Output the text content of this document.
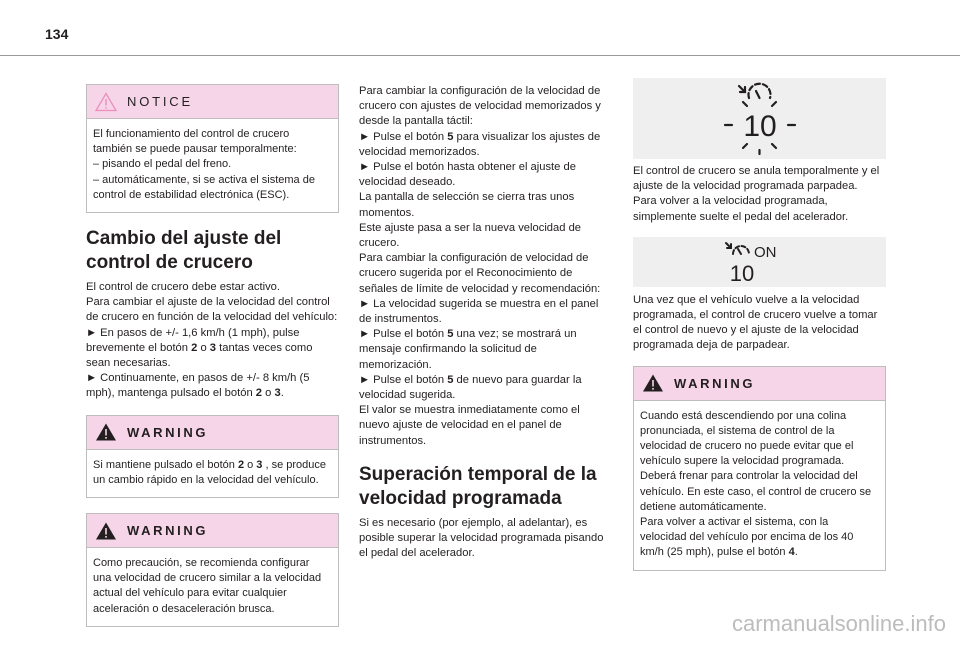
134
NOTICE

El funcionamiento del control de crucero también se puede pausar temporalmente:

– pisando el pedal del freno.

– automáticamente, si se activa el sistema de control de estabilidad electrónica (ESC).

Cambio del ajuste del control de crucero

El control de crucero debe estar activo.

Para cambiar el ajuste de la velocidad del control de crucero en función de la velocidad del vehículo:

► En pasos de +/- 1,6 km/h (1 mph), pulse brevemente el botón 2 o 3 tantas veces como sean necesarias.

► Continuamente, en pasos de +/- 8 km/h (5 mph), mantenga pulsado el botón 2 o 3.

WARNING

Si mantiene pulsado el botón 2 o 3 , se produce un cambio rápido en la velocidad del vehículo.

WARNING

Como precaución, se recomienda configurar una velocidad de crucero similar a la velocidad actual del vehículo para evitar cualquier aceleración o desaceleración brusca.

Para cambiar la configuración de la velocidad de crucero con ajustes de velocidad memorizados y desde la pantalla táctil:

► Pulse el botón 5 para visualizar los ajustes de velocidad memorizados.

► Pulse el botón hasta obtener el ajuste de velocidad deseado.

La pantalla de selección se cierra tras unos momentos.

Este ajuste pasa a ser la nueva velocidad de crucero.

Para cambiar la configuración de velocidad de crucero sugerida por el Reconocimiento de señales de límite de velocidad y recomendación:

► La velocidad sugerida se muestra en el panel de instrumentos.

► Pulse el botón 5 una vez; se mostrará un mensaje confirmando la solicitud de memorización.

► Pulse el botón 5 de nuevo para guardar la velocidad sugerida.

El valor se muestra inmediatamente como el nuevo ajuste de velocidad en el panel de instrumentos.

Superación temporal de la velocidad programada

Si es necesario (por ejemplo, al adelantar), es posible superar la velocidad programada pisando el pedal del acelerador.

10

El control de crucero se anula temporalmente y el ajuste de la velocidad programada parpadea.

Para volver a la velocidad programada, simplemente suelte el pedal del acelerador.

ON
10

Una vez que el vehículo vuelve a la velocidad programada, el control de crucero vuelve a tomar el control de nuevo y el ajuste de la velocidad programada deja de parpadear.

WARNING

Cuando está descendiendo por una colina pronunciada, el sistema de control de la velocidad de crucero no puede evitar que el vehículo supere la velocidad programada.

Deberá frenar para controlar la velocidad del vehículo. En este caso, el control de crucero se detiene automáticamente.

Para volver a activar el sistema, con la velocidad del vehículo por encima de los 40 km/h (25 mph), pulse el botón 4.

carmanualsonline.info
